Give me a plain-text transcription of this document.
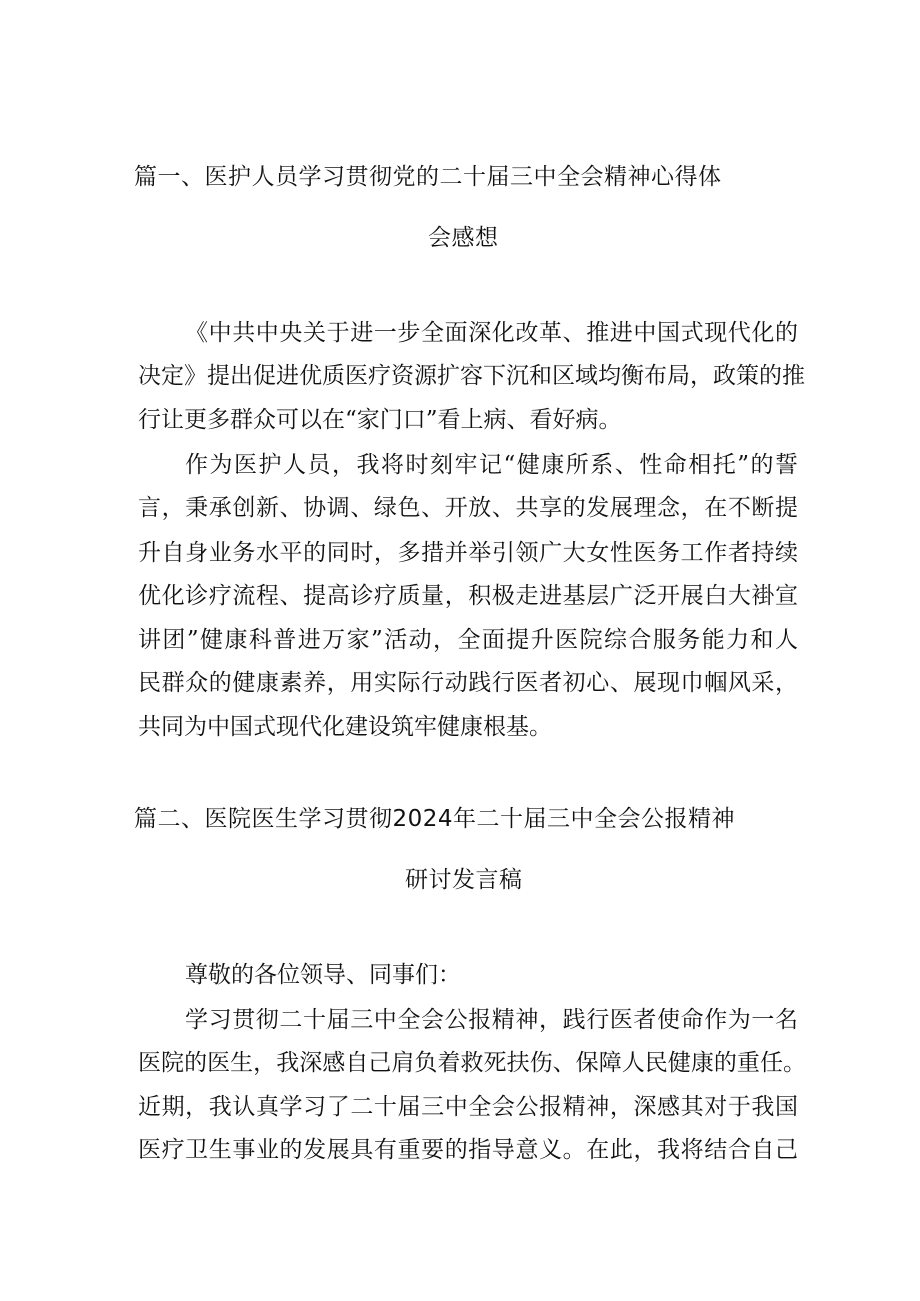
篇一、医护人员学习贯彻党的二十届三中全会精神心得体
会感想
《中共中央关于进一步全面深化改革、推进中国式现代化的
决定》提出促进优质医疗资源扩容下沉和区域均衡布局，政策的推
行让更多群众可以在“家门口”看上病、看好病。
作为医护人员，我将时刻牢记“健康所系、性命相托”的誓
言，秉承创新、协调、绿色、开放、共享的发展理念，在不断提
升自身业务水平的同时，多措并举引领广大女性医务工作者持续
优化诊疗流程、提高诊疗质量，积极走进基层广泛开展白大褂宣
讲团”健康科普进万家”活动，全面提升医院综合服务能力和人
民群众的健康素养，用实际行动践行医者初心、展现巾帼风采，
共同为中国式现代化建设筑牢健康根基。
篇二、医院医生学习贯彻2024年二十届三中全会公报精神
研讨发言稿
尊敬的各位领导、同事们：
学习贯彻二十届三中全会公报精神，践行医者使命作为一名
医院的医生，我深感自己肩负着救死扶伤、保障人民健康的重任。
近期，我认真学习了二十届三中全会公报精神，深感其对于我国
医疗卫生事业的发展具有重要的指导意义。在此，我将结合自己
